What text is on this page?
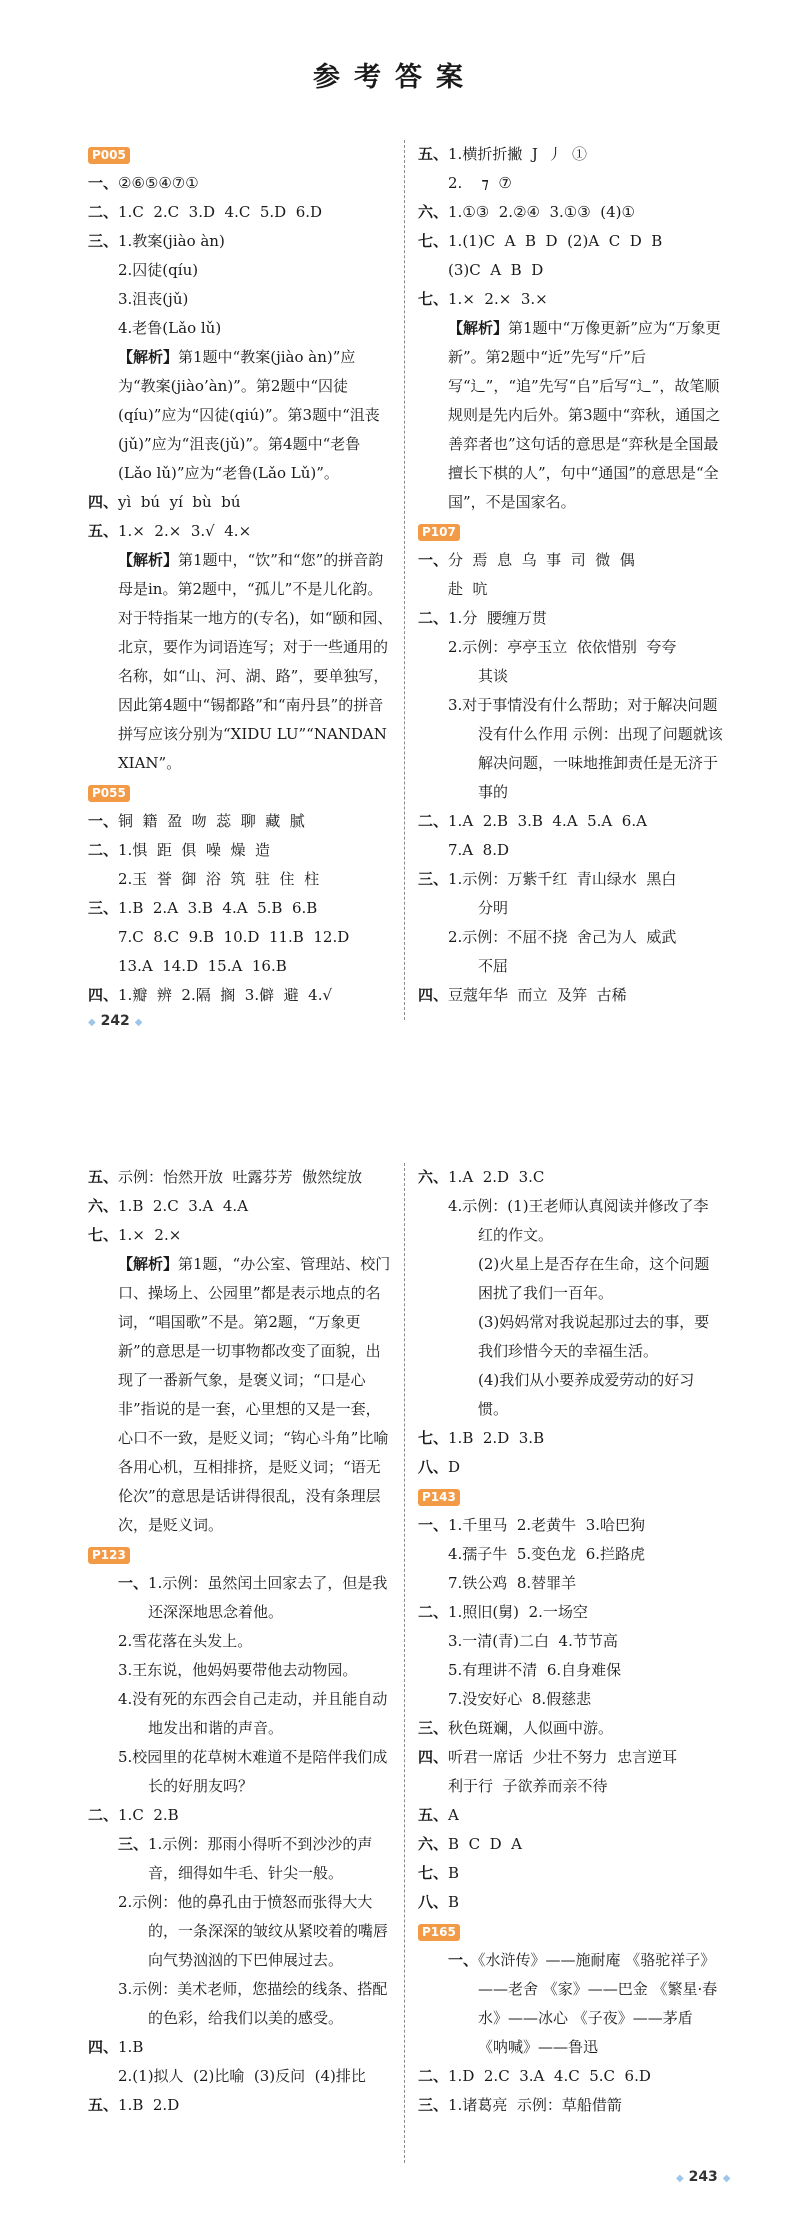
参考答案
P005
一、②⑥⑤④⑦①
二、1.C  2.C  3.D  4.C  5.D  6.D
三、1.教案(jiào àn)
2.囚徒(qíu)
3.沮丧(jǔ)
4.老鲁(Lǎo lǔ)
【解析】第1题中“教案(jiào àn)”应为“教案(jiào’àn)”。第2题中“囚徒(qíu)”应为“囚徒(qiú)”。第3题中“沮丧(jǔ)”应为“沮丧(jǔ)”。第4题中“老鲁(Lǎo lǔ)”应为“老鲁(Lǎo Lǔ)”。
四、yì  bú  yí  bù  bú
五、1.×  2.×  3.√  4.×
【解析】第1题中，“饮”和“您”的拼音韵母是in。第2题中，“孤儿”不是儿化韵。对于特指某一地方的(专名)，如“颐和园、北京，要作为词语连写；对于一些通用的名称，如“山、河、湖、路”，要单独写，因此第4题中“锡都路”和“南丹县”的拼音拼写应该分别为“XIDU LU”“NANDAN XIAN”。
P055
一、铜  籍  盈  吻  蕊  聊  藏  腻
二、1.惧  距  俱  噪  燥  造
2.玉  誉  御  浴  筑  驻  住  柱
三、1.B  2.A  3.B  4.A  5.B  6.B
7.C  8.C  9.B  10.D  11.B  12.D
13.A  14.D  15.A  16.B
四、1.瓣  辨  2.隔  搁  3.僻  避  4.√
五、1.横折折撇  J  丿  ①
2.    ⁊  ⑦
六、1.①③  2.②④  3.①③  (4)①
七、1.(1)C  A  B  D  (2)A  C  D  B
(3)C  A  B  D
七、1.×  2.×  3.×
【解析】第1题中“万像更新”应为“万象更新”。第2题中“近”先写“斤”后写“辶”，“追”先写“𠂤”后写“辶”，故笔顺规则是先内后外。第3题中“弈秋，通国之善弈者也”这句话的意思是“弈秋是全国最擅长下棋的人”，句中“通国”的意思是“全国”，不是国家名。
P107
一、分  焉  息  乌  事  司  微  偶
赴  吭
二、1.分  腰缠万贯
2.示例：亭亭玉立  依依惜别  夸夸
其谈
3.对于事情没有什么帮助；对于解决问题没有什么作用 示例：出现了问题就该解决问题，一味地推卸责任是无济于事的
二、1.A  2.B  3.B  4.A  5.A  6.A
7.A  8.D
三、1.示例：万紫千红  青山绿水  黑白
分明
2.示例：不屈不挠  舍己为人  威武
不屈
四、豆蔻年华  而立  及笄  古稀
◆ 242 ◆
五、示例：怡然开放  吐露芬芳  傲然绽放
六、1.B  2.C  3.A  4.A
七、1.×  2.×
【解析】第1题，“办公室、管理站、校门口、操场上、公园里”都是表示地点的名词，“唱国歌”不是。第2题，“万象更新”的意思是一切事物都改变了面貌，出现了一番新气象，是褒义词；“口是心非”指说的是一套，心里想的又是一套，心口不一致，是贬义词；“钩心斗角”比喻各用心机，互相排挤，是贬义词；“语无伦次”的意思是话讲得很乱，没有条理层次，是贬义词。
P123
一、1.示例：虽然闰土回家去了，但是我还深深地思念着他。
2.雪花落在头发上。
3.王东说，他妈妈要带他去动物园。
4.没有死的东西会自己走动，并且能自动地发出和谐的声音。
5.校园里的花草树木难道不是陪伴我们成长的好朋友吗？
二、1.C  2.B
三、1.示例：那雨小得听不到沙沙的声音，细得如牛毛、针尖一般。
2.示例：他的鼻孔由于愤怒而张得大大的，一条深深的皱纹从紧咬着的嘴唇向气势汹汹的下巴伸展过去。
3.示例：美术老师，您描绘的线条、搭配的色彩，给我们以美的感受。
四、1.B
2.(1)拟人  (2)比喻  (3)反问  (4)排比
五、1.B  2.D
六、1.A  2.D  3.C
4.示例：(1)王老师认真阅读并修改了李红的作文。
(2)火星上是否存在生命，这个问题困扰了我们一百年。
(3)妈妈常对我说起那过去的事，要我们珍惜今天的幸福生活。
(4)我们从小要养成爱劳动的好习惯。
七、1.B  2.D  3.B
八、D
P143
一、1.千里马  2.老黄牛  3.哈巴狗
4.孺子牛  5.变色龙  6.拦路虎
7.铁公鸡  8.替罪羊
二、1.照旧(舅)  2.一场空
3.一清(青)二白  4.节节高
5.有理讲不清  6.自身难保
7.没安好心  8.假慈悲
三、秋色斑斓，人似画中游。
四、听君一席话  少壮不努力  忠言逆耳
利于行  子欲养而亲不待
五、A
六、B  C  D  A
七、B
八、B
P165
一、《水浒传》——施耐庵 《骆驼祥子》——老舍 《家》——巴金 《繁星·春水》——冰心 《子夜》——茅盾 《呐喊》——鲁迅
二、1.D  2.C  3.A  4.C  5.C  6.D
三、1.诸葛亮  示例：草船借箭
◆ 243 ◆
